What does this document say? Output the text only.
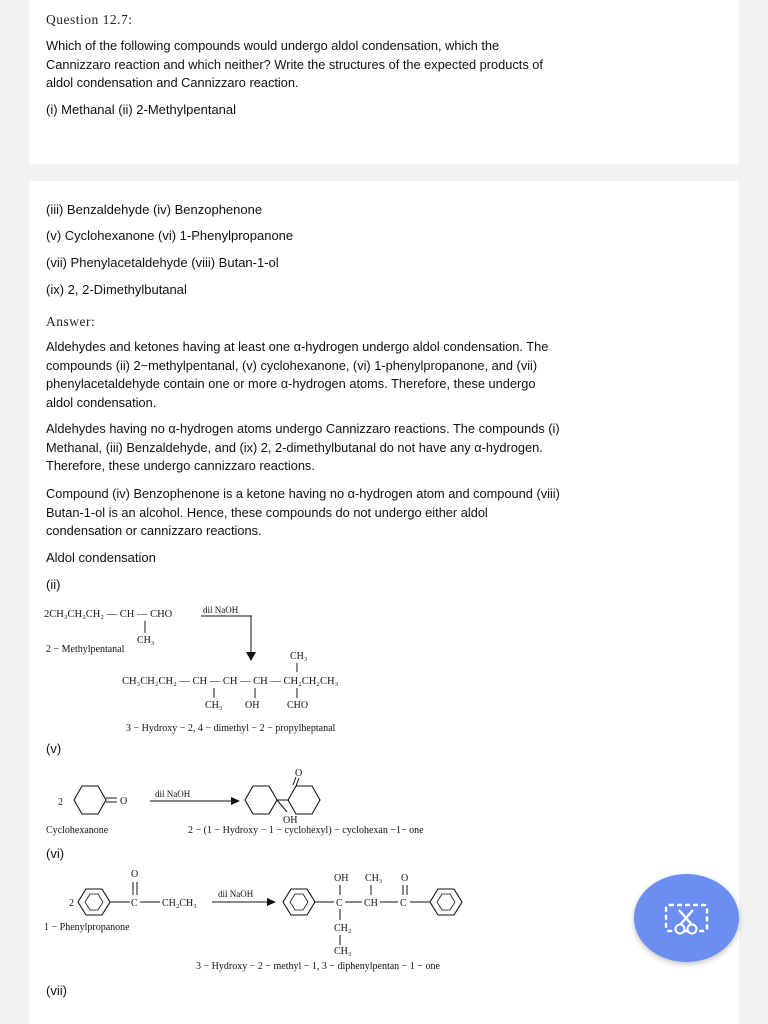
Question 12.7:
Which of the following compounds would undergo aldol condensation, which the
Cannizzaro reaction and which neither? Write the structures of the expected products of
aldol condensation and Cannizzaro reaction.
(i) Methanal (ii) 2-Methylpentanal
(iii) Benzaldehyde (iv) Benzophenone
(v) Cyclohexanone (vi) 1-Phenylpropanone
(vii) Phenylacetaldehyde (viii) Butan-1-ol
(ix) 2, 2-Dimethylbutanal
Answer:
Aldehydes and ketones having at least one α-hydrogen undergo aldol condensation. The
compounds (ii) 2−methylpentanal, (v) cyclohexanone, (vi) 1-phenylpropanone, and (vii)
phenylacetaldehyde contain one or more α-hydrogen atoms. Therefore, these undergo
aldol condensation.
Aldehydes having no α-hydrogen atoms undergo Cannizzaro reactions. The compounds (i)
Methanal, (iii) Benzaldehyde, and (ix) 2, 2-dimethylbutanal do not have any α-hydrogen.
Therefore, these undergo cannizzaro reactions.
Compound (iv) Benzophenone is a ketone having no α-hydrogen atom and compound (viii)
Butan-1-ol is an alcohol. Hence, these compounds do not undergo either aldol
condensation or cannizzaro reactions.
Aldol condensation
(ii)
(v)
(vi)
(vii)
2CH₃CH₂CH₂ — CH — CHO	dil NaOH
CH₃
2 − Methylpentanal
CH₃
CH₃CH₂CH₂ — CH — CH — CH — CH₂CH₂CH₃
CH₃ OH	CHO
3 − Hydroxy − 2, 4 − dimethyl − 2 − propylheptanal
2	O
dil NaOH
O
OH
Cyclohexanone	2 − (1 − Hydroxy − 1 − cyclohexyl) − cyclohexan −1− one
2	C
O
CH₂CH₃
dil NaOH
C
OH
CH
CH₃
C
O
CH₂
CH₃
1 − Phenylpropanone
3 − Hydroxy − 2 − methyl − 1, 3 − diphenylpentan − 1 − one
